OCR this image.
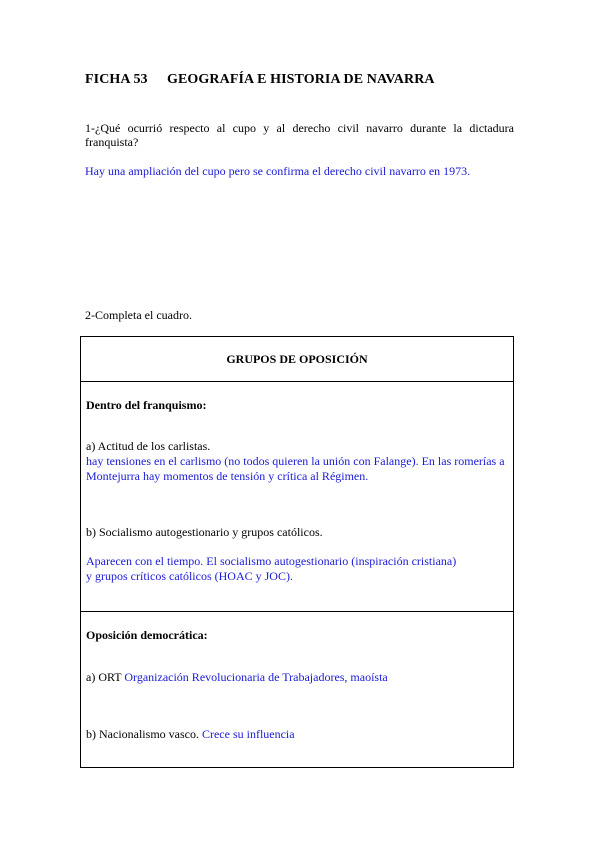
FICHA 53 GEOGRAFÍA E HISTORIA DE NAVARRA
1-¿Qué ocurrió respecto al cupo y al derecho civil navarro durante la dictadura franquista?
Hay una ampliación del cupo pero se confirma el derecho civil navarro en 1973.
2-Completa el cuadro.
GRUPOS DE OPOSICIÓN
Dentro del franquismo:
a) Actitud de los carlistas.
hay tensiones en el carlismo (no todos quieren la unión con Falange). En las romerías a Montejurra hay momentos de tensión y crítica al Régimen.
b) Socialismo autogestionario y grupos católicos.
Aparecen con el tiempo. El socialismo autogestionario (inspiración cristiana)
y grupos críticos católicos (HOAC y JOC).
Oposición democrática:
a) ORT Organización Revolucionaria de Trabajadores, maoísta
b) Nacionalismo vasco. Crece su influencia
